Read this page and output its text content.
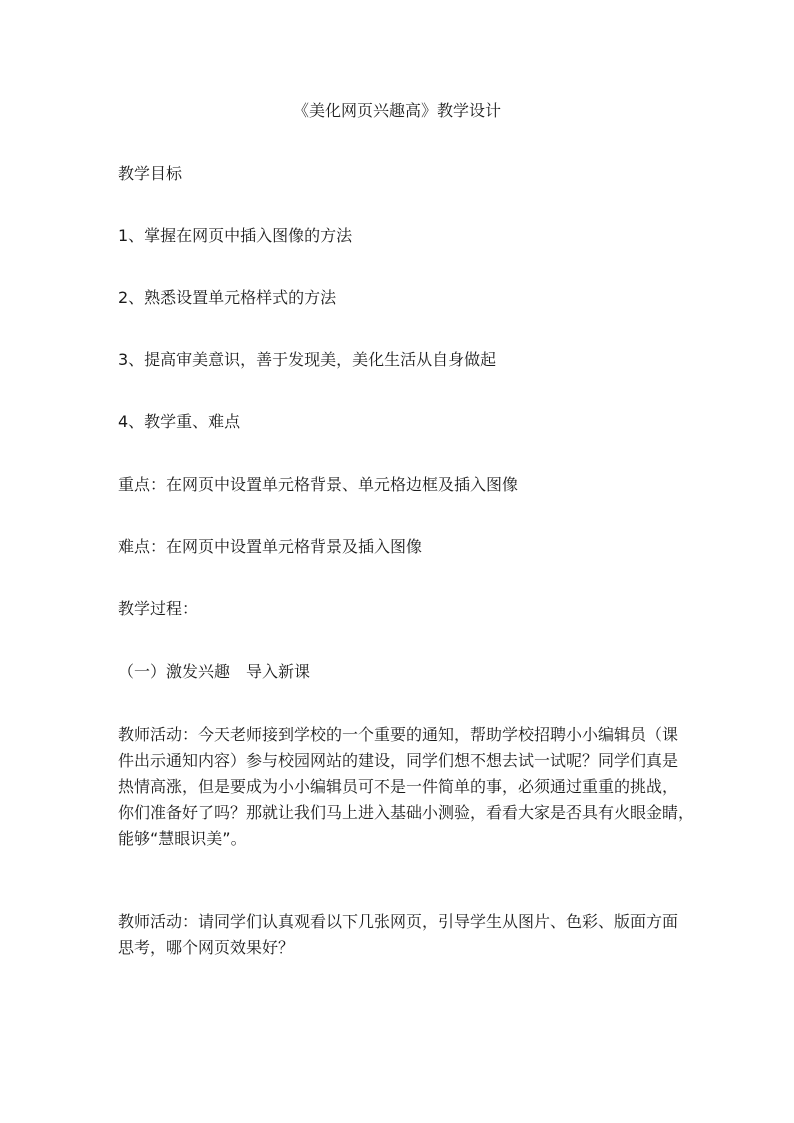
《美化网页兴趣高》教学设计

教学目标

1、掌握在网页中插入图像的方法

2、熟悉设置单元格样式的方法

3、提高审美意识，善于发现美，美化生活从自身做起

4、教学重、难点

重点：在网页中设置单元格背景、单元格边框及插入图像

难点：在网页中设置单元格背景及插入图像

教学过程：

（一）激发兴趣　导入新课

教师活动：今天老师接到学校的一个重要的通知，帮助学校招聘小小编辑员（课
件出示通知内容）参与校园网站的建设，同学们想不想去试一试呢？同学们真是
热情高涨，但是要成为小小编辑员可不是一件简单的事，必须通过重重的挑战，
你们准备好了吗？那就让我们马上进入基础小测验，看看大家是否具有火眼金睛，
能够“慧眼识美”。
教师活动：请同学们认真观看以下几张网页，引导学生从图片、色彩、版面方面
思考，哪个网页效果好？
